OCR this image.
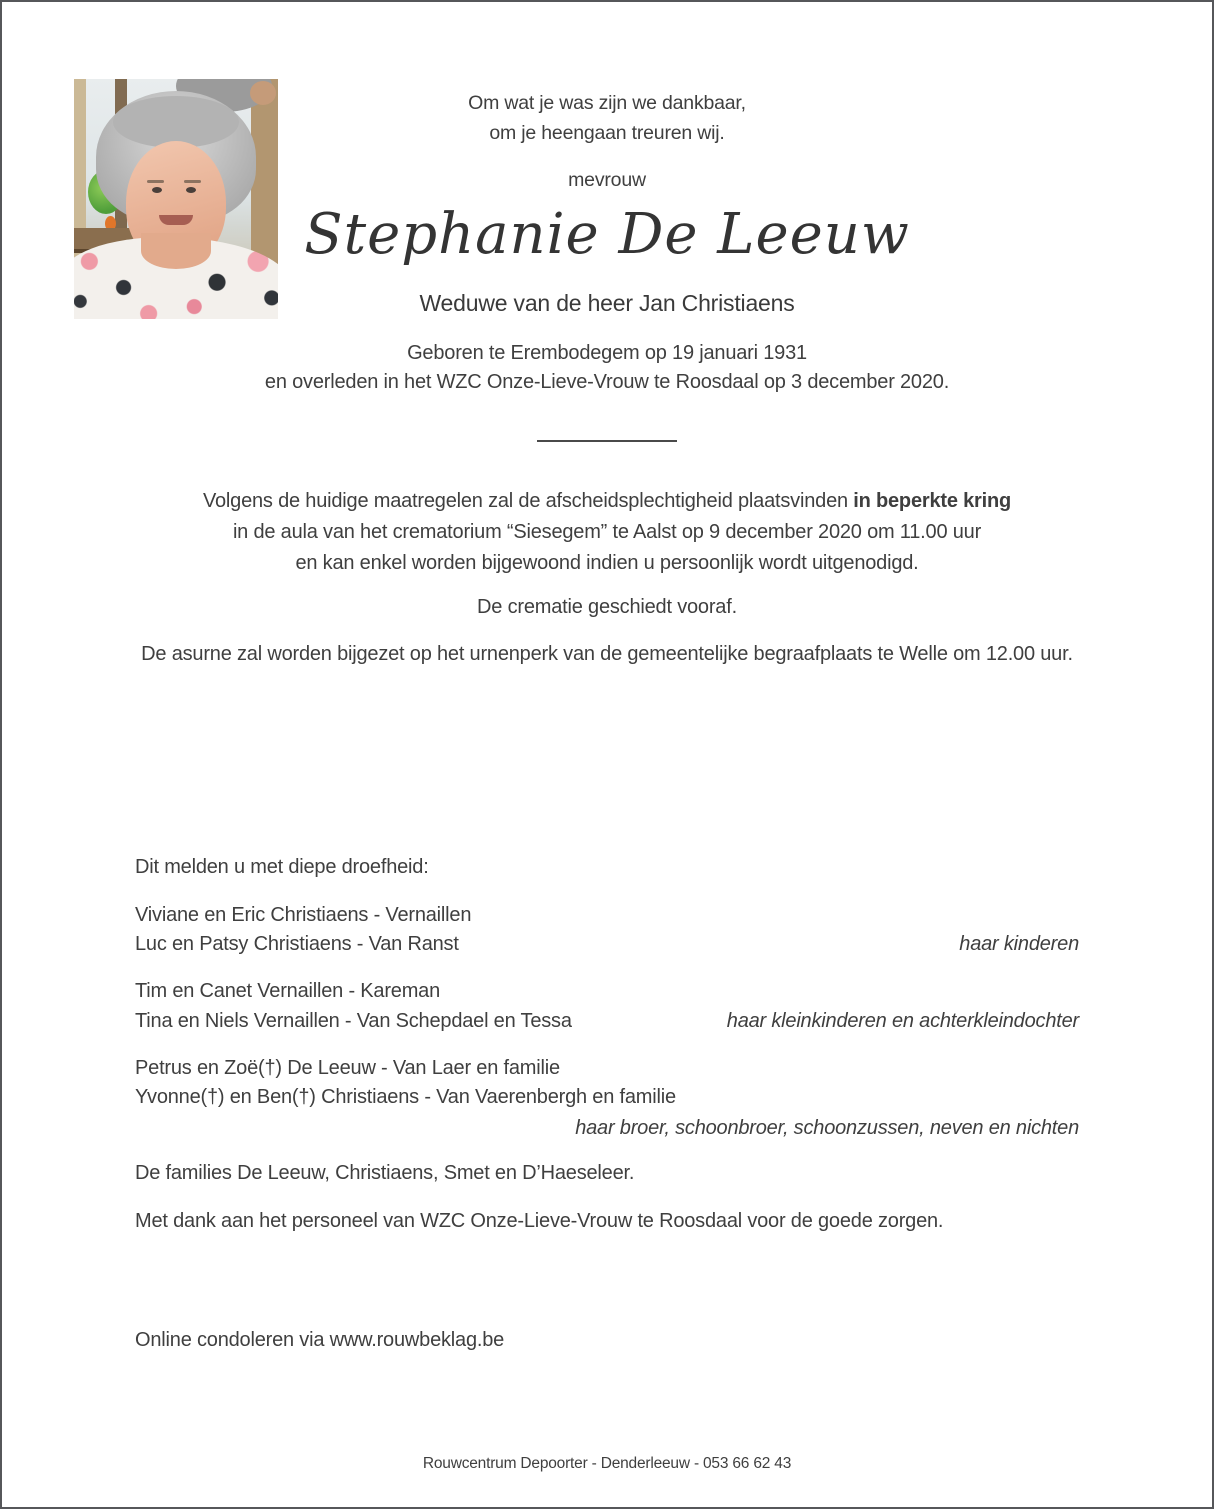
Om wat je was zijn we dankbaar,
om je heengaan treuren wij.
mevrouw
Stephanie De Leeuw
Weduwe van de heer Jan Christiaens
Geboren te Erembodegem op 19 januari 1931
en overleden in het WZC Onze-Lieve-Vrouw te Roosdaal op 3 december 2020.
Volgens de huidige maatregelen zal de afscheidsplechtigheid plaatsvinden in beperkte kring
in de aula van het crematorium “Siesegem” te Aalst op 9 december 2020 om 11.00 uur
en kan enkel worden bijgewoond indien u persoonlijk wordt uitgenodigd.
De crematie geschiedt vooraf.
De asurne zal worden bijgezet op het urnenperk van de gemeentelijke begraafplaats te Welle om 12.00 uur.
Dit melden u met diepe droefheid:
Viviane en Eric Christiaens - Vernaillen
Luc en Patsy Christiaens - Van Ranst	haar kinderen
Tim en Canet Vernaillen - Kareman
Tina en Niels Vernaillen - Van Schepdael en Tessa	haar kleinkinderen en achterkleindochter
Petrus en Zoë(†) De Leeuw - Van Laer en familie
Yvonne(†) en Ben(†) Christiaens - Van Vaerenbergh en familie
haar broer, schoonbroer, schoonzussen, neven en nichten
De families De Leeuw, Christiaens, Smet en D’Haeseleer.
Met dank aan het personeel van WZC Onze-Lieve-Vrouw te Roosdaal voor de goede zorgen.
Online condoleren via www.rouwbeklag.be
Rouwcentrum Depoorter - Denderleeuw - 053 66 62 43
